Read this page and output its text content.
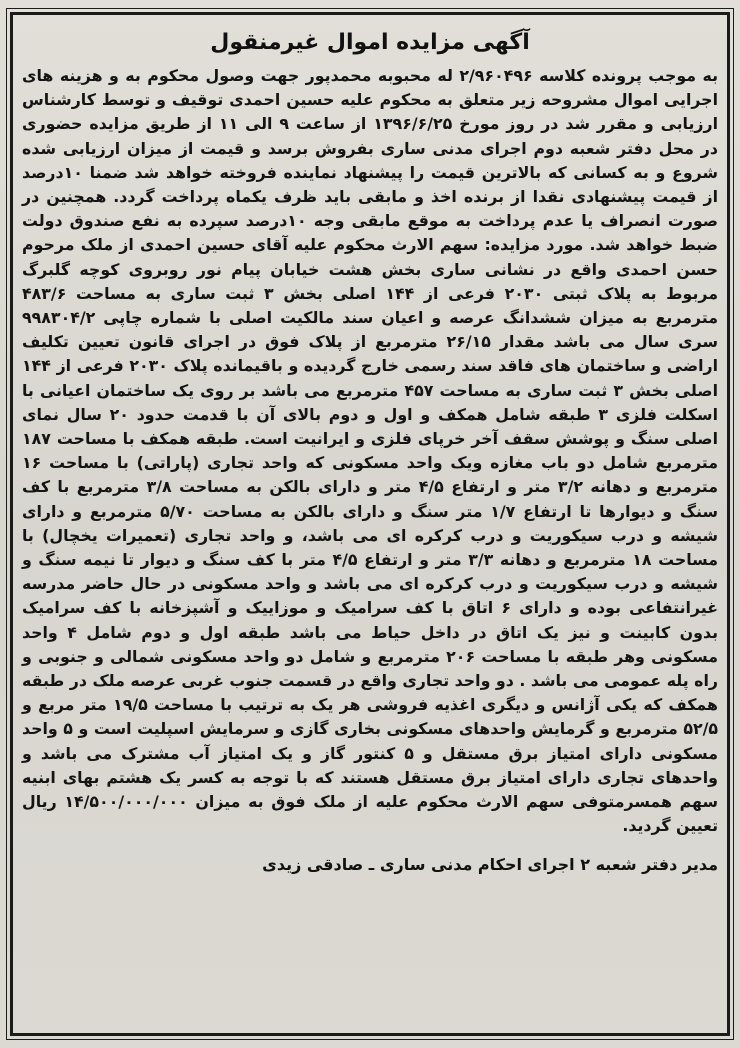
آگهی مزایده اموال غیرمنقول

به موجب پرونده کلاسه ۲/۹۶۰۴۹۶ له محبوبه محمدپور جهت وصول محکوم به و هزینه های اجرایی اموال مشروحه زیر متعلق به محکوم علیه حسین احمدی توقیف و توسط کارشناس ارزیابی و مقرر شد در روز مورخ ۱۳۹۶/۶/۲۵ از ساعت ۹ الی ۱۱ از طریق مزایده حضوری در محل دفتر شعبه دوم اجرای مدنی ساری بفروش برسد و قیمت از میزان ارزیابی شده شروع و به کسانی که بالاترین قیمت را پیشنهاد نماینده فروخته خواهد شد ضمنا ۱۰درصد از قیمت پیشنهادی نقدا از برنده اخذ و مابقی باید ظرف یکماه پرداخت گردد. همچنین در صورت انصراف یا عدم پرداخت به موقع مابقی وجه ۱۰درصد سپرده به نفع صندوق دولت ضبط خواهد شد. مورد مزایده: سهم الارث محکوم علیه آقای حسین احمدی از ملک مرحوم حسن احمدی واقع در نشانی ساری بخش هشت خیابان پیام نور روبروی کوچه گلبرگ مربوط به پلاک ثبتی ۲۰۳۰ فرعی از ۱۴۴ اصلی بخش ۳ ثبت ساری به مساحت ۴۸۳/۶ مترمربع به میزان ششدانگ عرصه و اعیان سند مالکیت اصلی با شماره چاپی ۹۹۸۳۰۴/۲ سری سال می باشد مقدار ۲۶/۱۵ مترمربع از پلاک فوق در اجرای قانون تعیین تکلیف اراضی و ساختمان های فاقد سند رسمی خارج گردیده و باقیمانده پلاک ۲۰۳۰ فرعی از ۱۴۴ اصلی بخش ۳ ثبت ساری به مساحت ۴۵۷ مترمربع می باشد بر روی یک ساختمان اعیانی با اسکلت فلزی ۳ طبقه شامل همکف و اول و دوم بالای آن با قدمت حدود ۲۰ سال نمای اصلی سنگ و پوشش سقف آخر خرپای فلزی و ایرانیت است. طبقه همکف با مساحت ۱۸۷ مترمربع شامل دو باب مغازه ویک واحد مسکونی که واحد تجاری (پاراتی) با مساحت ۱۶ مترمربع و دهانه ۳/۲ متر و ارتفاع ۴/۵ متر و دارای بالکن به مساحت ۳/۸ مترمربع با کف سنگ و دیوارها تا ارتفاع ۱/۷ متر سنگ و دارای بالکن به مساحت ۵/۷۰ مترمربع و دارای شیشه و درب سیکوریت و درب کرکره ای می باشد، و واحد تجاری (تعمیرات یخچال) با مساحت ۱۸ مترمربع و دهانه ۳/۳ متر و ارتفاع ۴/۵ متر با کف سنگ و دیوار تا نیمه سنگ و شیشه و درب سیکوریت و درب کرکره ای می باشد و واحد مسکونی در حال حاضر مدرسه غیرانتفاعی بوده و دارای ۶ اتاق با کف سرامیک و موزاییک و آشپزخانه با کف سرامیک بدون کابینت و نیز یک اتاق در داخل حیاط می باشد طبقه اول و دوم شامل ۴ واحد مسکونی وهر طبقه با مساحت ۲۰۶ مترمربع و شامل دو واحد مسکونی شمالی و جنوبی و راه پله عمومی می باشد . دو واحد تجاری واقع در قسمت جنوب غربی عرصه ملک در طبقه همکف که یکی آژانس و دیگری اغذیه فروشی هر یک به ترتیب با مساحت ۱۹/۵ متر مربع و ۵۲/۵ مترمربع و گرمایش واحدهای مسکونی بخاری گازی و سرمایش اسپلیت است و ۵ واحد مسکونی دارای امتیاز برق مستقل و ۵ کنتور گاز و یک امتیاز آب مشترک می باشد و واحدهای تجاری دارای امتیاز برق مستقل هستند که با توجه به کسر یک هشتم بهای ابنیه سهم همسرمتوفی سهم الارث محکوم علیه از ملک فوق به میزان ۱۴/۵۰۰/۰۰۰/۰۰۰ ریال تعیین گردید.

مدیر دفتر شعبه ۲ اجرای احکام مدنی ساری ـ صادقی زیدی
